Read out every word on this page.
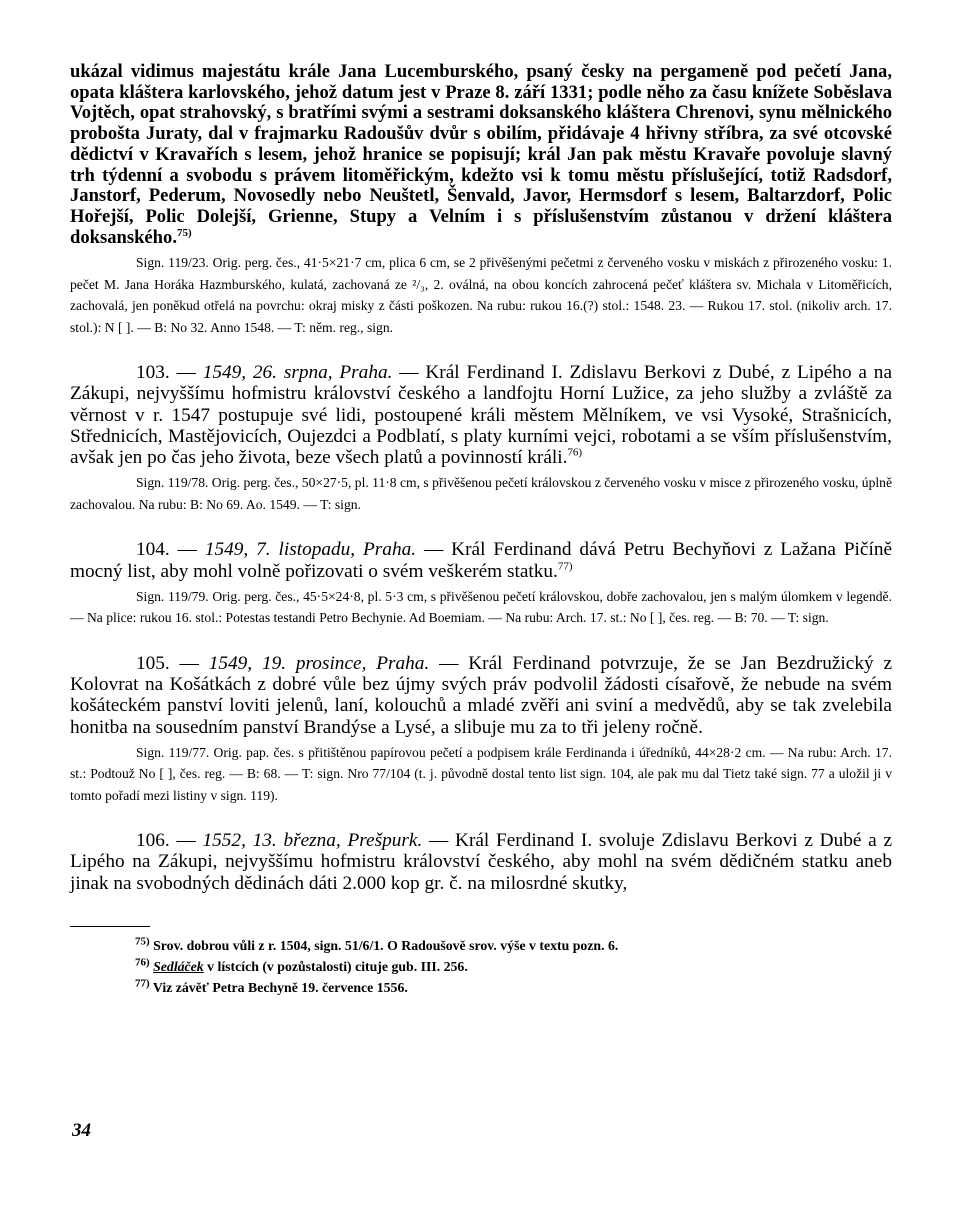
ukázal vidimus majestátu krále Jana Lucemburského, psaný česky na pergameně pod pečetí Jana, opata kláštera karlovského, jehož datum jest v Praze 8. září 1331; podle něho za času knížete Soběslava Vojtěch, opat strahovský, s bratřími svými a sestrami doksanského kláštera Chrenovi, synu mělnického probošta Juraty, dal v frajmarku Radoušův dvůr s obilím, přidávaje 4 hřivny stříbra, za své otcovské dědictví v Kravařích s lesem, jehož hranice se popisují; král Jan pak městu Kravaře povoluje slavný trh týdenní a svobodu s právem litoměřickým, kdežto vsi k tomu městu příslušející, totiž Radsdorf, Janstorf, Pederum, Novosedly nebo Neuštetl, Šenvald, Javor, Hermsdorf s lesem, Baltarzdorf, Polic Hořejší, Polic Dolejší, Grienne, Stupy a Velním i s příslušenstvím zůstanou v držení kláštera doksanského.$^{75)}$

Sign. 119/23. Orig. perg. čes., 41·5×21·7 cm, plica 6 cm, se 2 přivěšenými pečetmi z červeného vosku v miskách z přirozeného vosku: 1. pečet M. Jana Horáka Hazmburského, kulatá, zachovaná ze ²/₃, 2. oválná, na obou koncích zahrocená pečeť kláštera sv. Michala v Litoměřicích, zachovalá, jen poněkud otřelá na povrchu: okraj misky z části poškozen. Na rubu: rukou 16.(?) stol.: 1548. 23. — Rukou 17. stol. (nikoliv arch. 17. stol.): N [ ]. — B: No 32. Anno 1548. — T: něm. reg., sign.

103. — 1549, 26. srpna, Praha. — Král Ferdinand I. Zdislavu Berkovi z Dubé, z Lipého a na Zákupi, nejvyššímu hofmistru království českého a landfojtu Horní Lužice, za jeho služby a zvláště za věrnost v r. 1547 postupuje své lidi, postoupené králi městem Mělníkem, ve vsi Vysoké, Strašnicích, Střednicích, Mastějovicích, Oujezdci a Podblatí, s platy kurními vejci, robotami a se vším příslušenstvím, avšak jen po čas jeho života, beze všech platů a povinností králi.$^{76)}$

Sign. 119/78. Orig. perg. čes., 50×27·5, pl. 11·8 cm, s přivěšenou pečetí královskou z červeného vosku v misce z přirozeného vosku, úplně zachovalou. Na rubu: B: No 69. Ao. 1549. — T: sign.

104. — 1549, 7. listopadu, Praha. — Král Ferdinand dává Petru Bechyňovi z Lažana Pičíně mocný list, aby mohl volně pořizovati o svém veškerém statku.$^{77)}$

Sign. 119/79. Orig. perg. čes., 45·5×24·8, pl. 5·3 cm, s přivěšenou pečetí královskou, dobře zachovalou, jen s malým úlomkem v legendě. — Na plice: rukou 16. stol.: Potestas testandi Petro Bechynie. Ad Boemiam. — Na rubu: Arch. 17. st.: No [ ], čes. reg. — B: 70. — T: sign.

105. — 1549, 19. prosince, Praha. — Král Ferdinand potvrzuje, že se Jan Bezdružický z Kolovrat na Košátkách z dobré vůle bez újmy svých práv podvolil žádosti císařově, že nebude na svém košáteckém panství loviti jelenů, laní, kolouchů a mladé zvěři ani sviní a medvědů, aby se tak zvelebila honitba na sousedním panství Brandýse a Lysé, a slibuje mu za to tři jeleny ročně.

Sign. 119/77. Orig. pap. čes. s přitištěnou papírovou pečetí a podpisem krále Ferdinanda i úředníků, 44×28·2 cm. — Na rubu: Arch. 17. st.: Podtouž No [ ], čes. reg. — B: 68. — T: sign. Nro 77/104 (t. j. původně dostal tento list sign. 104, ale pak mu dal Tietz také sign. 77 a uložil ji v tomto pořadí mezi listiny v sign. 119).

106. — 1552, 13. března, Prešpurk. — Král Ferdinand I. svoluje Zdislavu Berkovi z Dubé a z Lipého na Zákupi, nejvyššímu hofmistru království českého, aby mohl na svém dědičném statku aneb jinak na svobodných dědinách dáti 2.000 kop gr. č. na milosrdné skutky,

$^{75)}$ Srov. dobrou vůli z r. 1504, sign. 51/6/1. O Radoušově srov. výše v textu pozn. 6.
$^{76)}$ Sedláček v lístcích (v pozůstalosti) cituje gub. III. 256.
$^{77)}$ Viz závěť Petra Bechyně 19. července 1556.
34
